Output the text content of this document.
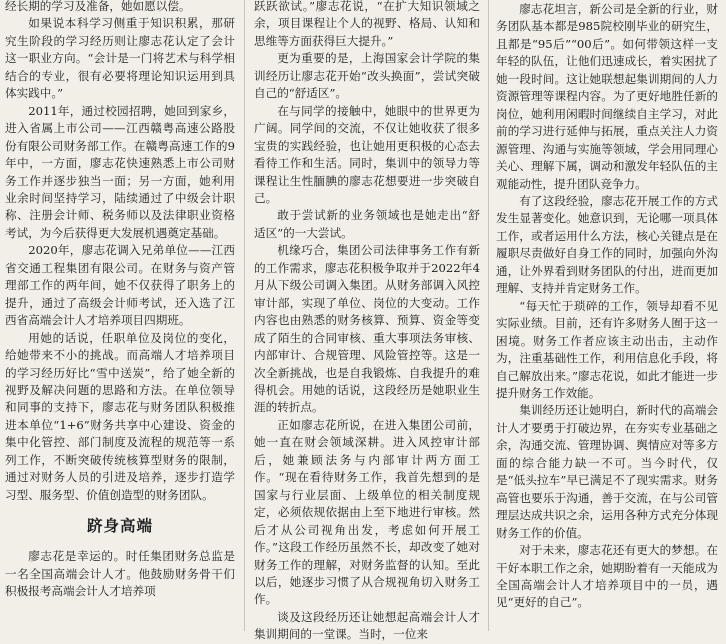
经长期的学习及准备，她如愿以偿。

如果说本科学习侧重于知识积累，那研究生阶段的学习经历则让廖志花认定了会计这一职业方向。“会计是一门将艺术与科学相结合的专业，很有必要将理论知识运用到具体实践中。”

2011年，通过校园招聘，她回到家乡，进入省属上市公司——江西赣粤高速公路股份有限公司财务部工作。在赣粤高速工作的9年中，一方面，廖志花快速熟悉上市公司财务工作并逐步独当一面；另一方面，她利用业余时间坚持学习，陆续通过了中级会计职称、注册会计师、税务师以及法律职业资格考试，为今后获得更大发展机遇奠定基础。

2020年，廖志花调入兄弟单位——江西省交通工程集团有限公司。在财务与资产管理部工作的两年间，她不仅获得了职务上的提升，通过了高级会计师考试，还入选了江西省高端会计人才培养项目四期班。

用她的话说，任职单位及岗位的变化，给她带来不小的挑战。而高端人才培养项目的学习经历好比“雪中送炭”，给了她全新的视野及解决问题的思路和方法。在单位领导和同事的支持下，廖志花与财务团队积极推进本单位“1+6”财务共享中心建设、资金的集中化管控、部门制度及流程的规范等一系列工作，不断突破传统核算型财务的限制，通过对财务人员的引进及培养，逐步打造学习型、服务型、价值创造型的财务团队。

跻身高端

廖志花是幸运的。时任集团财务总监是一名全国高端会计人才。他鼓励财务骨干们积极报考高端会计人才培养项

跃跃欲试。”廖志花说，“在扩大知识领域之余，项目课程让个人的视野、格局、认知和思维等方面获得巨大提升。”

更为重要的是，上海国家会计学院的集训经历让廖志花开始“改头换面”，尝试突破自己的“舒适区”。

在与同学的接触中，她眼中的世界更为广阔。同学间的交流，不仅让她收获了很多宝贵的实践经验，也让她用更积极的心态去看待工作和生活。同时，集训中的领导力等课程让生性腼腆的廖志花想要进一步突破自己。

敢于尝试新的业务领域也是她走出“舒适区”的一大尝试。

机缘巧合，集团公司法律事务工作有新的工作需求，廖志花积极争取并于2022年4月从下级公司调入集团。从财务部调入风控审计部，实现了单位、岗位的大变动。工作内容也由熟悉的财务核算、预算、资金等变成了陌生的合同审核、重大事项法务审核、内部审计、合规管理、风险管控等。这是一次全新挑战，也是自我锻炼、自我提升的难得机会。用她的话说，这段经历是她职业生涯的转折点。

正如廖志花所说，在进入集团公司前，她一直在财会领域深耕。进入风控审计部后，她兼顾法务与内部审计两方面工作。“现在看待财务工作，我首先想到的是国家与行业层面、上级单位的相关制度规定，必须依规依据由上至下地进行审核。然后才从公司视角出发，考虑如何开展工作。”这段工作经历虽然不长，却改变了她对财务工作的理解，对财务监督的认知。至此以后，她逐步习惯了从合规视角切入财务工作。

谈及这段经历还让她想起高端会计人才集训期间的一堂课。当时，一位来

廖志花坦言，新公司是全新的行业，财务团队基本都是985院校刚毕业的研究生，且都是“95后”“00后”。如何带领这样一支年轻的队伍，让他们迅速成长，着实困扰了她一段时间。这让她联想起集训期间的人力资源管理等课程内容。为了更好地胜任新的岗位，她利用闲暇时间继续自主学习，对此前的学习进行延伸与拓展，重点关注人力资源管理、沟通与实施等领域，学会用同理心关心、理解下属，调动和激发年轻队伍的主观能动性，提升团队竞争力。

有了这段经验，廖志花开展工作的方式发生显著变化。她意识到，无论哪一项具体工作，或者运用什么方法，核心关键点是在履职尽责做好自身工作的同时，加强向外沟通，让外界看到财务团队的付出，进而更加理解、支持并肯定财务工作。

“每天忙于琐碎的工作，领导却看不见实际业绩。目前，还有许多财务人囿于这一困境。财务工作者应该主动出击，主动作为，注重基础性工作，利用信息化手段，将自己解放出来。”廖志花说，如此才能进一步提升财务工作效能。

集训经历还让她明白，新时代的高端会计人才要勇于打破边界，在夯实专业基础之余，沟通交流、管理协调、舆情应对等多方面的综合能力缺一不可。当今时代，仅是“低头拉车”早已满足不了现实需求。财务高管也要乐于沟通，善于交流，在与公司管理层达成共识之余，运用各种方式充分体现财务工作的价值。

对于未来，廖志花还有更大的梦想。在干好本职工作之余，她期盼着有一天能成为全国高端会计人才培养项目中的一员，遇见“更好的自己”。
